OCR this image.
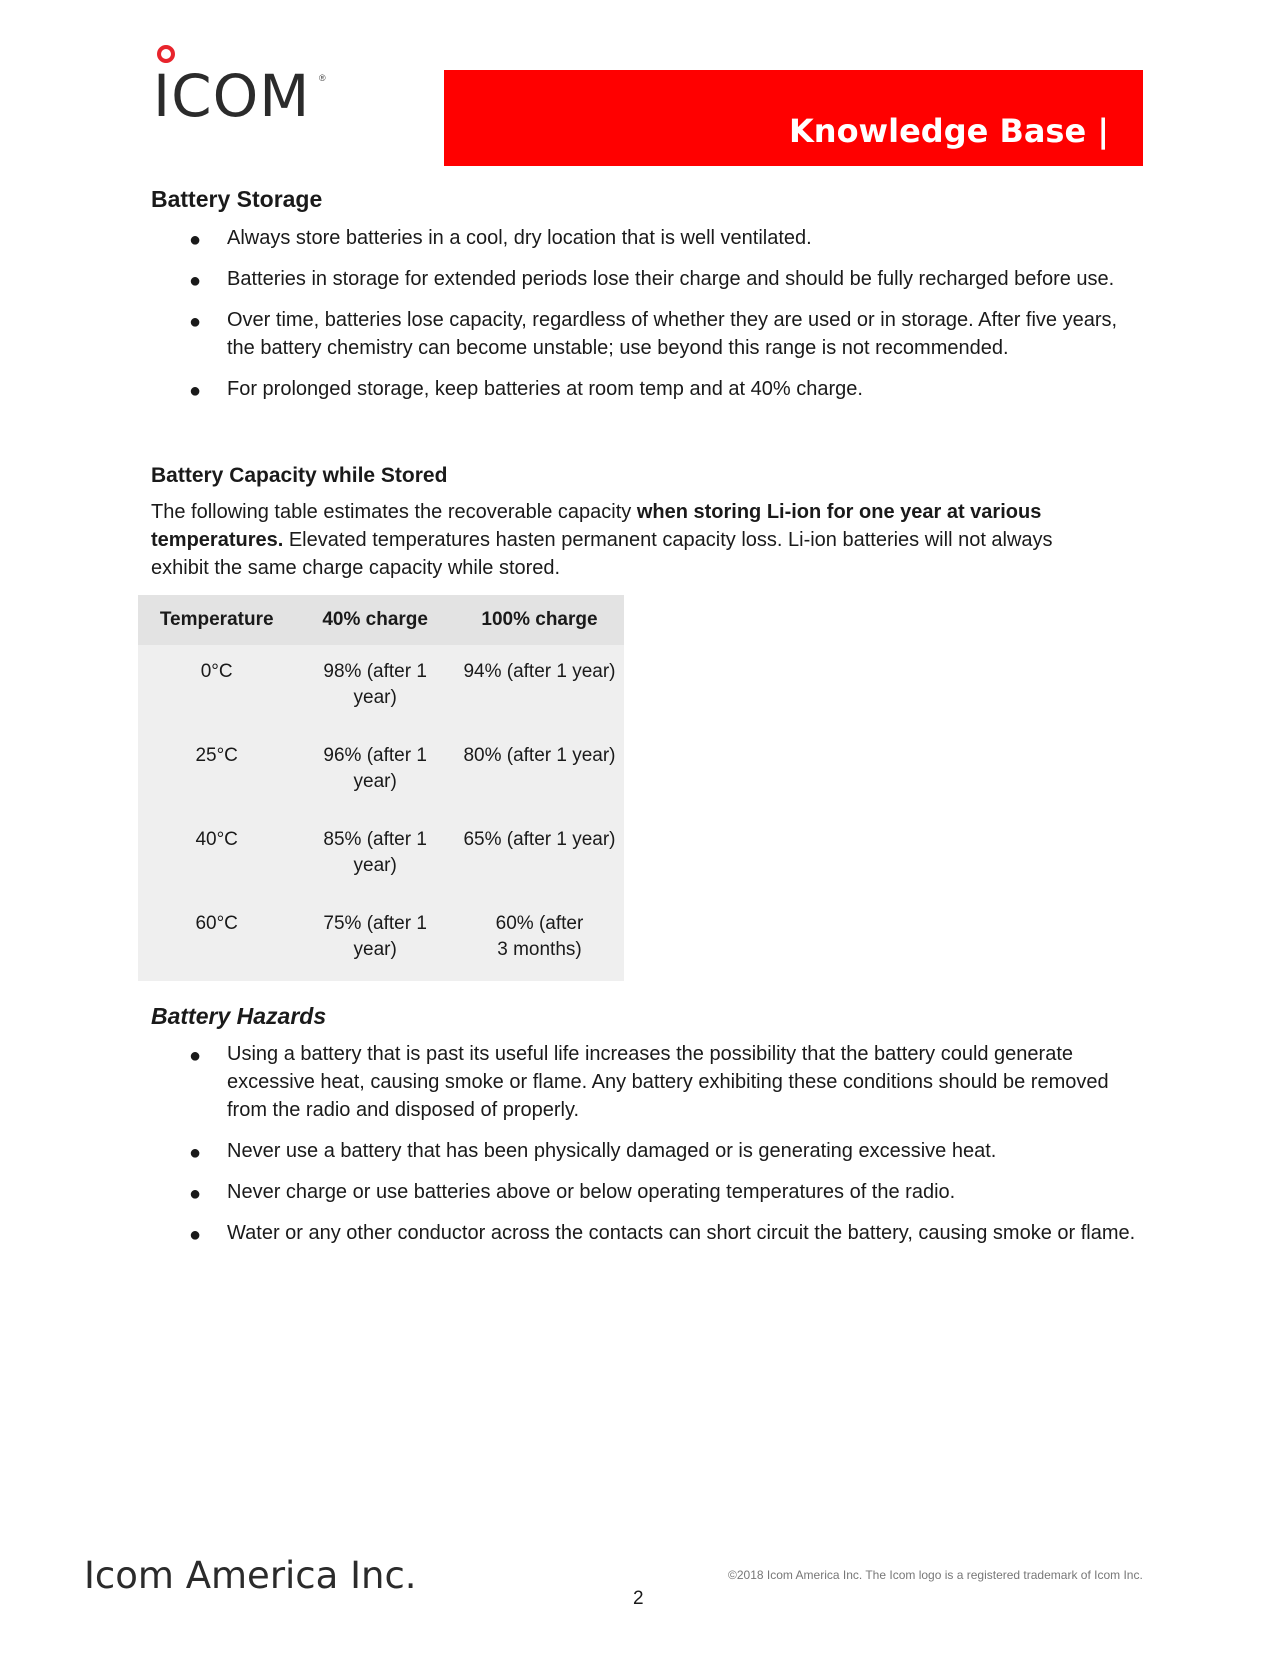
ICOM ®
Knowledge Base |
Battery Storage
● Always store batteries in a cool, dry location that is well ventilated.
● Batteries in storage for extended periods lose their charge and should be fully recharged before use.
● Over time, batteries lose capacity, regardless of whether they are used or in storage. After five years, the battery chemistry can become unstable; use beyond this range is not recommended.
● For prolonged storage, keep batteries at room temp and at 40% charge.
Battery Capacity while Stored
The following table estimates the recoverable capacity when storing Li-ion for one year at various temperatures. Elevated temperatures hasten permanent capacity loss. Li-ion batteries will not always exhibit the same charge capacity while stored.
Temperature	40% charge	100% charge
0°C	98% (after 1 year)	94% (after 1 year)
25°C	96% (after 1 year)	80% (after 1 year)
40°C	85% (after 1 year)	65% (after 1 year)
60°C	75% (after 1 year)	60% (after 3 months)
Battery Hazards
● Using a battery that is past its useful life increases the possibility that the battery could generate excessive heat, causing smoke or flame. Any battery exhibiting these conditions should be removed from the radio and disposed of properly.
● Never use a battery that has been physically damaged or is generating excessive heat.
● Never charge or use batteries above or below operating temperatures of the radio.
● Water or any other conductor across the contacts can short circuit the battery, causing smoke or flame.
Icom America Inc.	©2018 Icom America Inc. The Icom logo is a registered trademark of Icom Inc.
2
